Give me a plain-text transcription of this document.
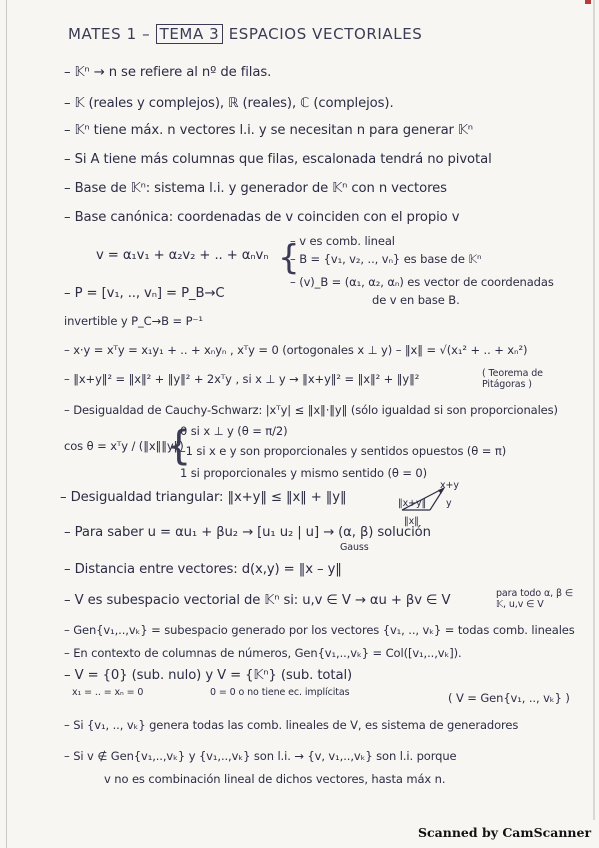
MATES 1 – TEMA 3 ESPACIOS VECTORIALES
– 𝕂ⁿ → n se refiere al nº de filas.
– 𝕂 (reales y complejos), ℝ (reales), ℂ (complejos).
– 𝕂ⁿ tiene máx. n vectores l.i. y se necesitan n para generar 𝕂ⁿ
– Si A tiene más columnas que filas, escalonada tendrá no pivotal
– Base de 𝕂ⁿ: sistema l.i. y generador de 𝕂ⁿ con n vectores
– Base canónica: coordenadas de v coinciden con el propio v
v = α₁v₁ + α₂v₂ + .. + αₙvₙ {
– v es comb. lineal
– B = {v₁, v₂, .., vₙ} es base de 𝕂ⁿ
– (v)_B = (α₁, α₂, αₙ) es vector de coordenadas
de v en base B.
– P = [v₁, .., vₙ] = P_B→C
invertible y P_C→B = P⁻¹
– x·y = xᵀy = x₁y₁ + .. + xₙyₙ , xᵀy = 0 (ortogonales x ⊥ y) – ‖x‖ = √(x₁² + .. + xₙ²)
– ‖x+y‖² = ‖x‖² + ‖y‖² + 2xᵀy , si x ⊥ y → ‖x+y‖² = ‖x‖² + ‖y‖²	( Teorema de Pitágoras )
– Desigualdad de Cauchy-Schwarz: |xᵀy| ≤ ‖x‖·‖y‖ (sólo igualdad si son proporcionales)
cos θ = xᵀy / (‖x‖‖y‖)
{
0 si x ⊥ y (θ = π/2)
–1 si x e y son proporcionales y sentidos opuestos (θ = π)
1 si proporcionales y mismo sentido (θ = 0)
– Desigualdad triangular: ‖x+y‖ ≤ ‖x‖ + ‖y‖
x+y
‖x+y‖
‖x‖
y
– Para saber u = αu₁ + βu₂ → [u₁ u₂ | u] → (α, β) solución
Gauss
– Distancia entre vectores: d(x,y) = ‖x – y‖
– V es subespacio vectorial de 𝕂ⁿ si: u,v ∈ V → αu + βv ∈ V	para todo α, β ∈ 𝕂, u,v ∈ V
– Gen{v₁,..,vₖ} = subespacio generado por los vectores {v₁, .., vₖ} = todas comb. lineales
– En contexto de columnas de números, Gen{v₁,..,vₖ} = Col([v₁,..,vₖ]).
– V = {0} (sub. nulo) y V = {𝕂ⁿ} (sub. total)
x₁ = .. = xₙ = 0	0 = 0 o no tiene ec. implícitas	( V = Gen{v₁, .., vₖ} )
– Si {v₁, .., vₖ} genera todas las comb. lineales de V, es sistema de generadores
– Si v ∉ Gen{v₁,..,vₖ} y {v₁,..,vₖ} son l.i. → {v, v₁,..,vₖ} son l.i. porque
v no es combinación lineal de dichos vectores, hasta máx n.
Scanned by CamScanner
